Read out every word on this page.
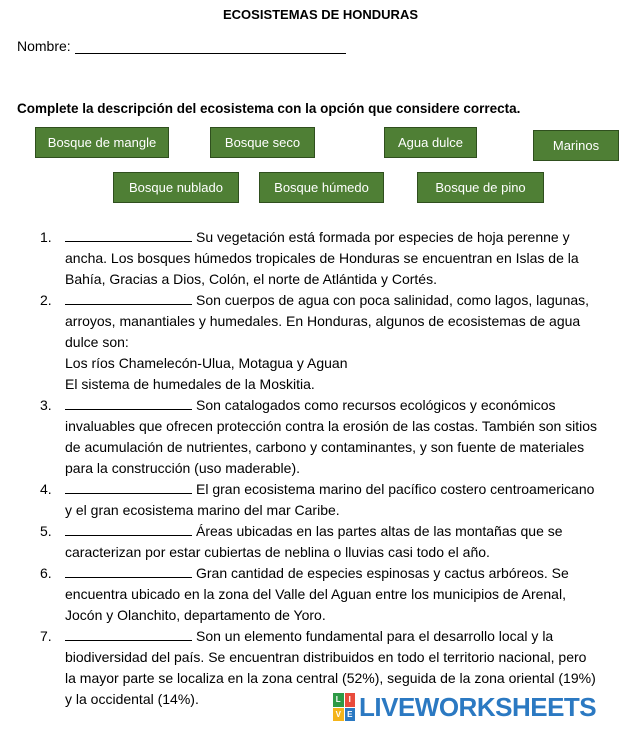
ECOSISTEMAS DE HONDURAS
Nombre:
Complete la descripción del ecosistema con la opción que considere correcta.
Bosque de mangle	Bosque seco	Agua dulce	Marinos
Bosque nublado	Bosque húmedo	Bosque de pino
1.	Su vegetación está formada por especies de hoja perenne y ancha. Los bosques húmedos tropicales de Honduras se encuentran en Islas de la Bahía, Gracias a Dios, Colón, el norte de Atlántida y Cortés.
2.	Son cuerpos de agua con poca salinidad, como lagos, lagunas, arroyos, manantiales y humedales. En Honduras, algunos de ecosistemas de agua dulce son:
Los ríos Chamelecón-Ulua, Motagua y Aguan
El sistema de humedales de la Moskitia.
3.	Son catalogados como recursos ecológicos y económicos invaluables que ofrecen protección contra la erosión de las costas. También son sitios de acumulación de nutrientes, carbono y contaminantes, y son fuente de materiales para la construcción (uso maderable).
4.	El gran ecosistema marino del pacífico costero centroamericano y el gran ecosistema marino del mar Caribe.
5.	Áreas ubicadas en las partes altas de las montañas que se caracterizan por estar cubiertas de neblina o lluvias casi todo el año.
6.	Gran cantidad de especies espinosas y cactus arbóreos. Se encuentra ubicado en la zona del Valle del Aguan entre los municipios de Arenal, Jocón y Olanchito, departamento de Yoro.
7.	Son un elemento fundamental para el desarrollo local y la biodiversidad del país. Se encuentran distribuidos en todo el territorio nacional, pero la mayor parte se localiza en la zona central (52%), seguida de la zona oriental (19%) y la occidental (14%).	L I
V E LIVEWORKSHEETS
